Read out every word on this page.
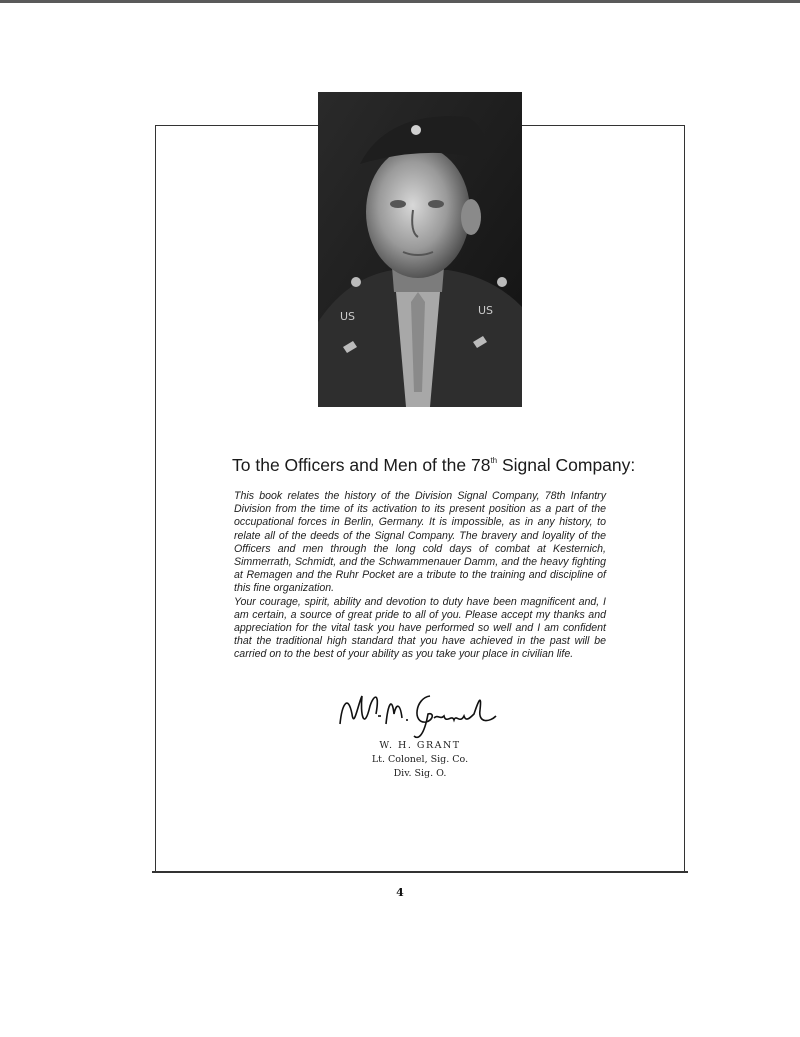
US	US
To the Officers and Men of the 78th Signal Company:

This book relates the history of the Division Signal Company, 78th Infantry Division from the time of its activation to its present position as a part of the occupational forces in Berlin, Germany. It is impossible, as in any history, to relate all of the deeds of the Signal Company. The bravery and loyality of the Officers and men through the long cold days of combat at Kesternich, Simmerrath, Schmidt, and the Schwammenauer Damm, and the heavy fighting at Remagen and the Ruhr Pocket are a tribute to the training and discipline of this fine organization.

Your courage, spirit, ability and devotion to duty have been magnificent and, I am certain, a source of great pride to all of you. Please accept my thanks and appreciation for the vital task you have performed so well and I am confident that the traditional high standard that you have achieved in the past will be carried on to the best of your ability as you take your place in civilian life.

W. H. GRANT
Lt. Colonel, Sig. Co.
Div. Sig. O.
4
